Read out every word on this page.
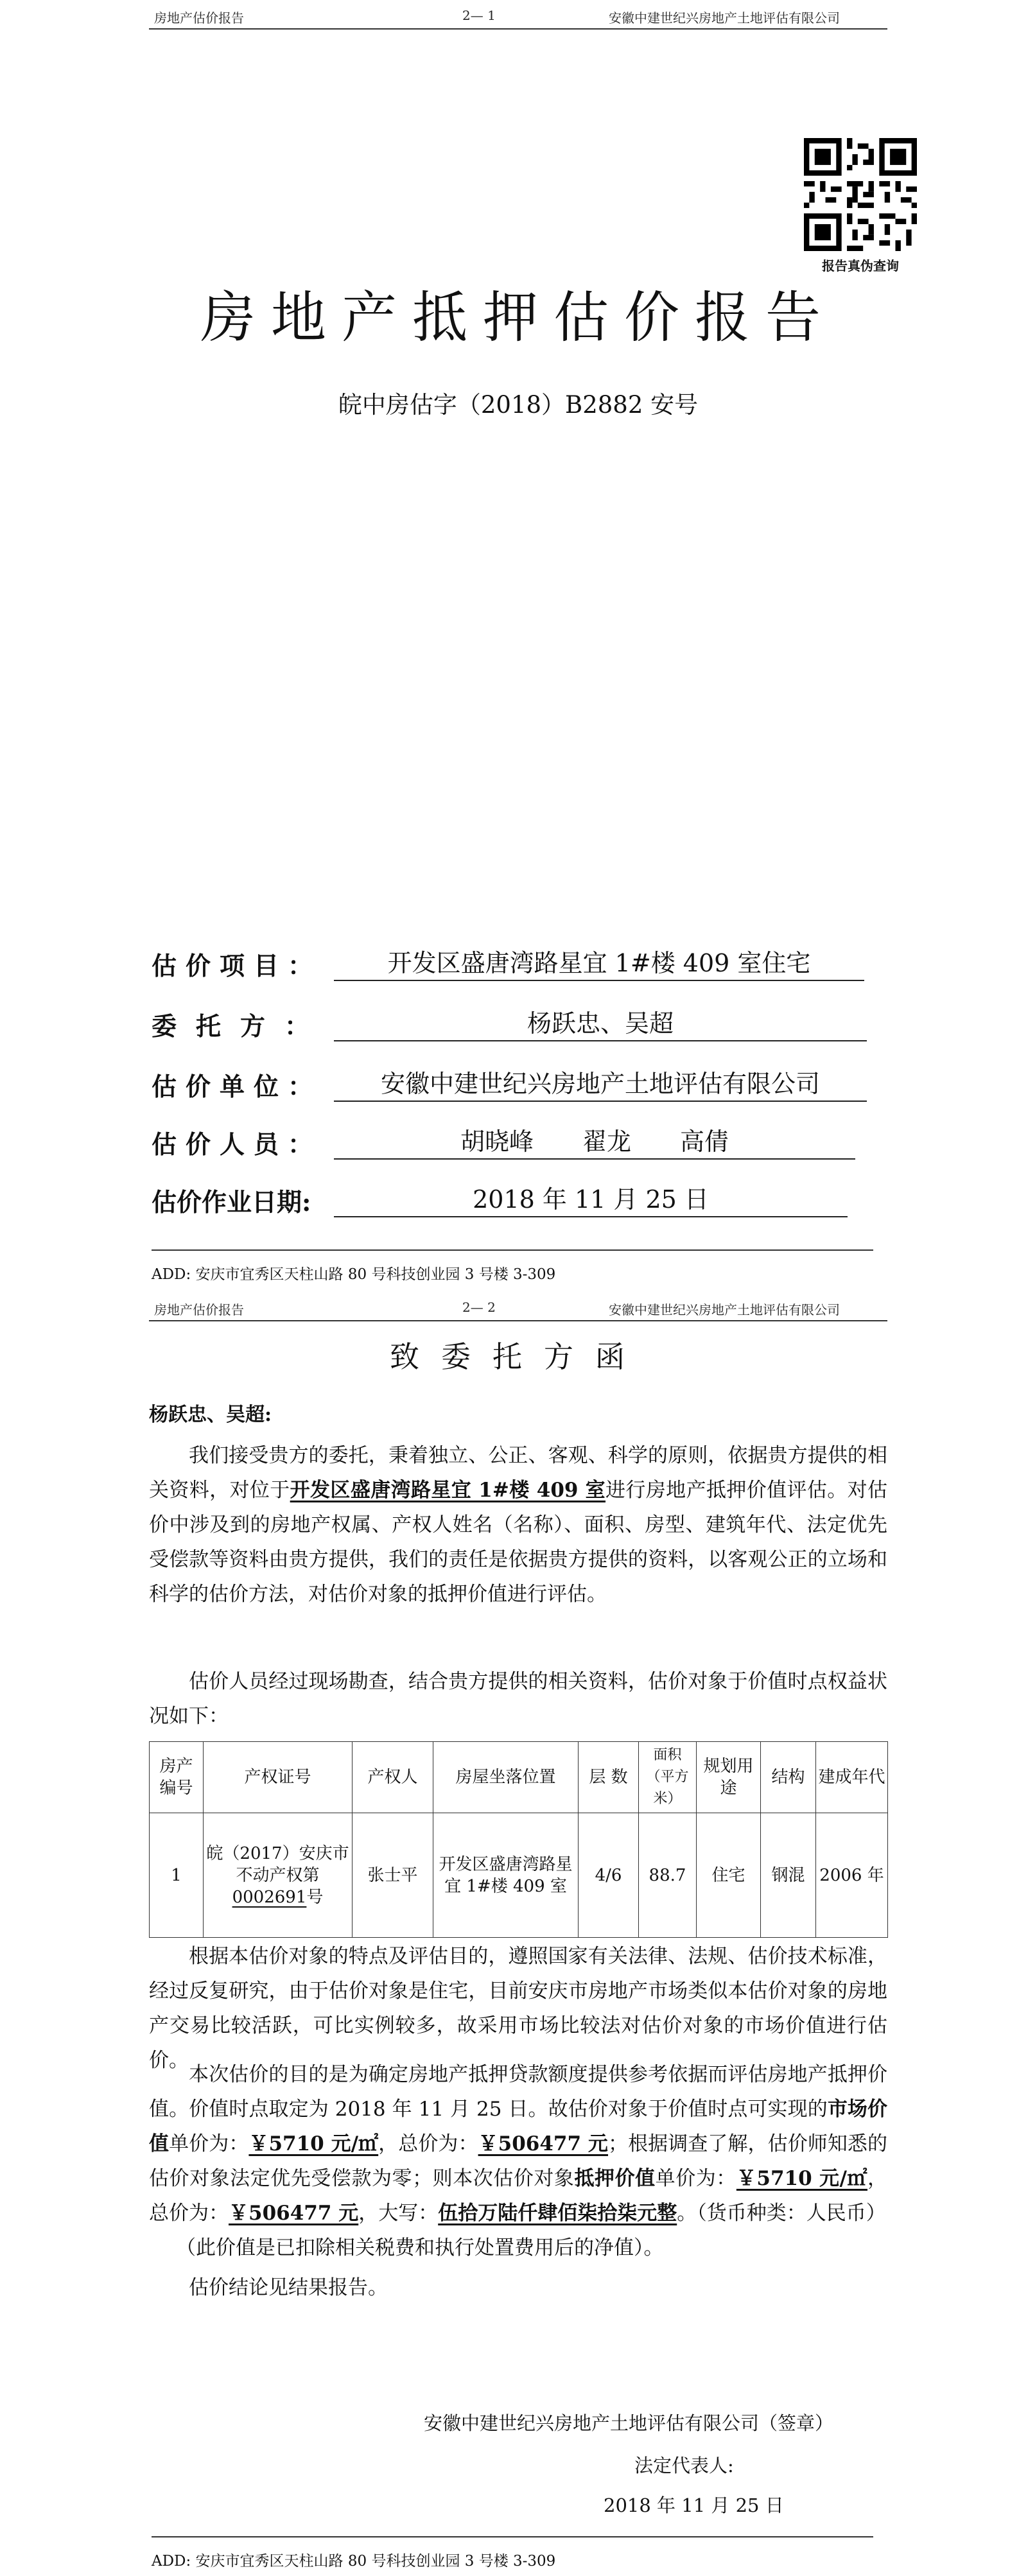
房地产估价报告	2— 1	安徽中建世纪兴房地产土地评估有限公司
报告真伪查询
房地产抵押估价报告
皖中房估字（2018）B2882 安号
估价项目：	开发区盛唐湾路星宜 1#楼 409 室住宅
委托方：	杨跃忠、吴超
估价单位：	安徽中建世纪兴房地产土地评估有限公司
估价人员：	胡晓峰　　翟龙　　高倩
估价作业日期:	2018 年 11 月 25 日
ADD: 安庆市宜秀区天柱山路 80 号科技创业园 3 号楼 3-309
房地产估价报告	2— 2	安徽中建世纪兴房地产土地评估有限公司
致委托方函
杨跃忠、吴超:
我们接受贵方的委托，秉着独立、公正、客观、科学的原则，依据贵方提供的相关资料，对位于开发区盛唐湾路星宜 1#楼 409 室进行房地产抵押价值评估。对估价中涉及到的房地产权属、产权人姓名（名称）、面积、房型、建筑年代、法定优先受偿款等资料由贵方提供，我们的责任是依据贵方提供的资料，以客观公正的立场和科学的估价方法，对估价对象的抵押价值进行评估。
估价人员经过现场勘查，结合贵方提供的相关资料，估价对象于价值时点权益状况如下：
房产编号	产权证号	产权人	房屋坐落位置	层 数	面积（平方米）	规划用途	结构	建成年代
1	皖（2017）安庆市不动产权第0002691号	张士平	开发区盛唐湾路星宜 1#楼 409 室	4/6	88.7	住宅	钢混	2006 年
根据本估价对象的特点及评估目的，遵照国家有关法律、法规、估价技术标准，经过反复研究，由于估价对象是住宅，目前安庆市房地产市场类似本估价对象的房地产交易比较活跃，可比实例较多，故采用市场比较法对估价对象的市场价值进行估价。
本次估价的目的是为确定房地产抵押贷款额度提供参考依据而评估房地产抵押价值。价值时点取定为 2018 年 11 月 25 日。故估价对象于价值时点可实现的市场价值单价为：￥5710 元/㎡，总价为：￥506477 元；根据调查了解，估价师知悉的估价对象法定优先受偿款为零；则本次估价对象抵押价值单价为：￥5710 元/㎡，总价为：￥506477 元，大写：伍拾万陆仟肆佰柒拾柒元整。（货币种类：人民币）
（此价值是已扣除相关税费和执行处置费用后的净值）。
估价结论见结果报告。
安徽中建世纪兴房地产土地评估有限公司（签章）
法定代表人:
2018 年 11 月 25 日
ADD: 安庆市宜秀区天柱山路 80 号科技创业园 3 号楼 3-309
